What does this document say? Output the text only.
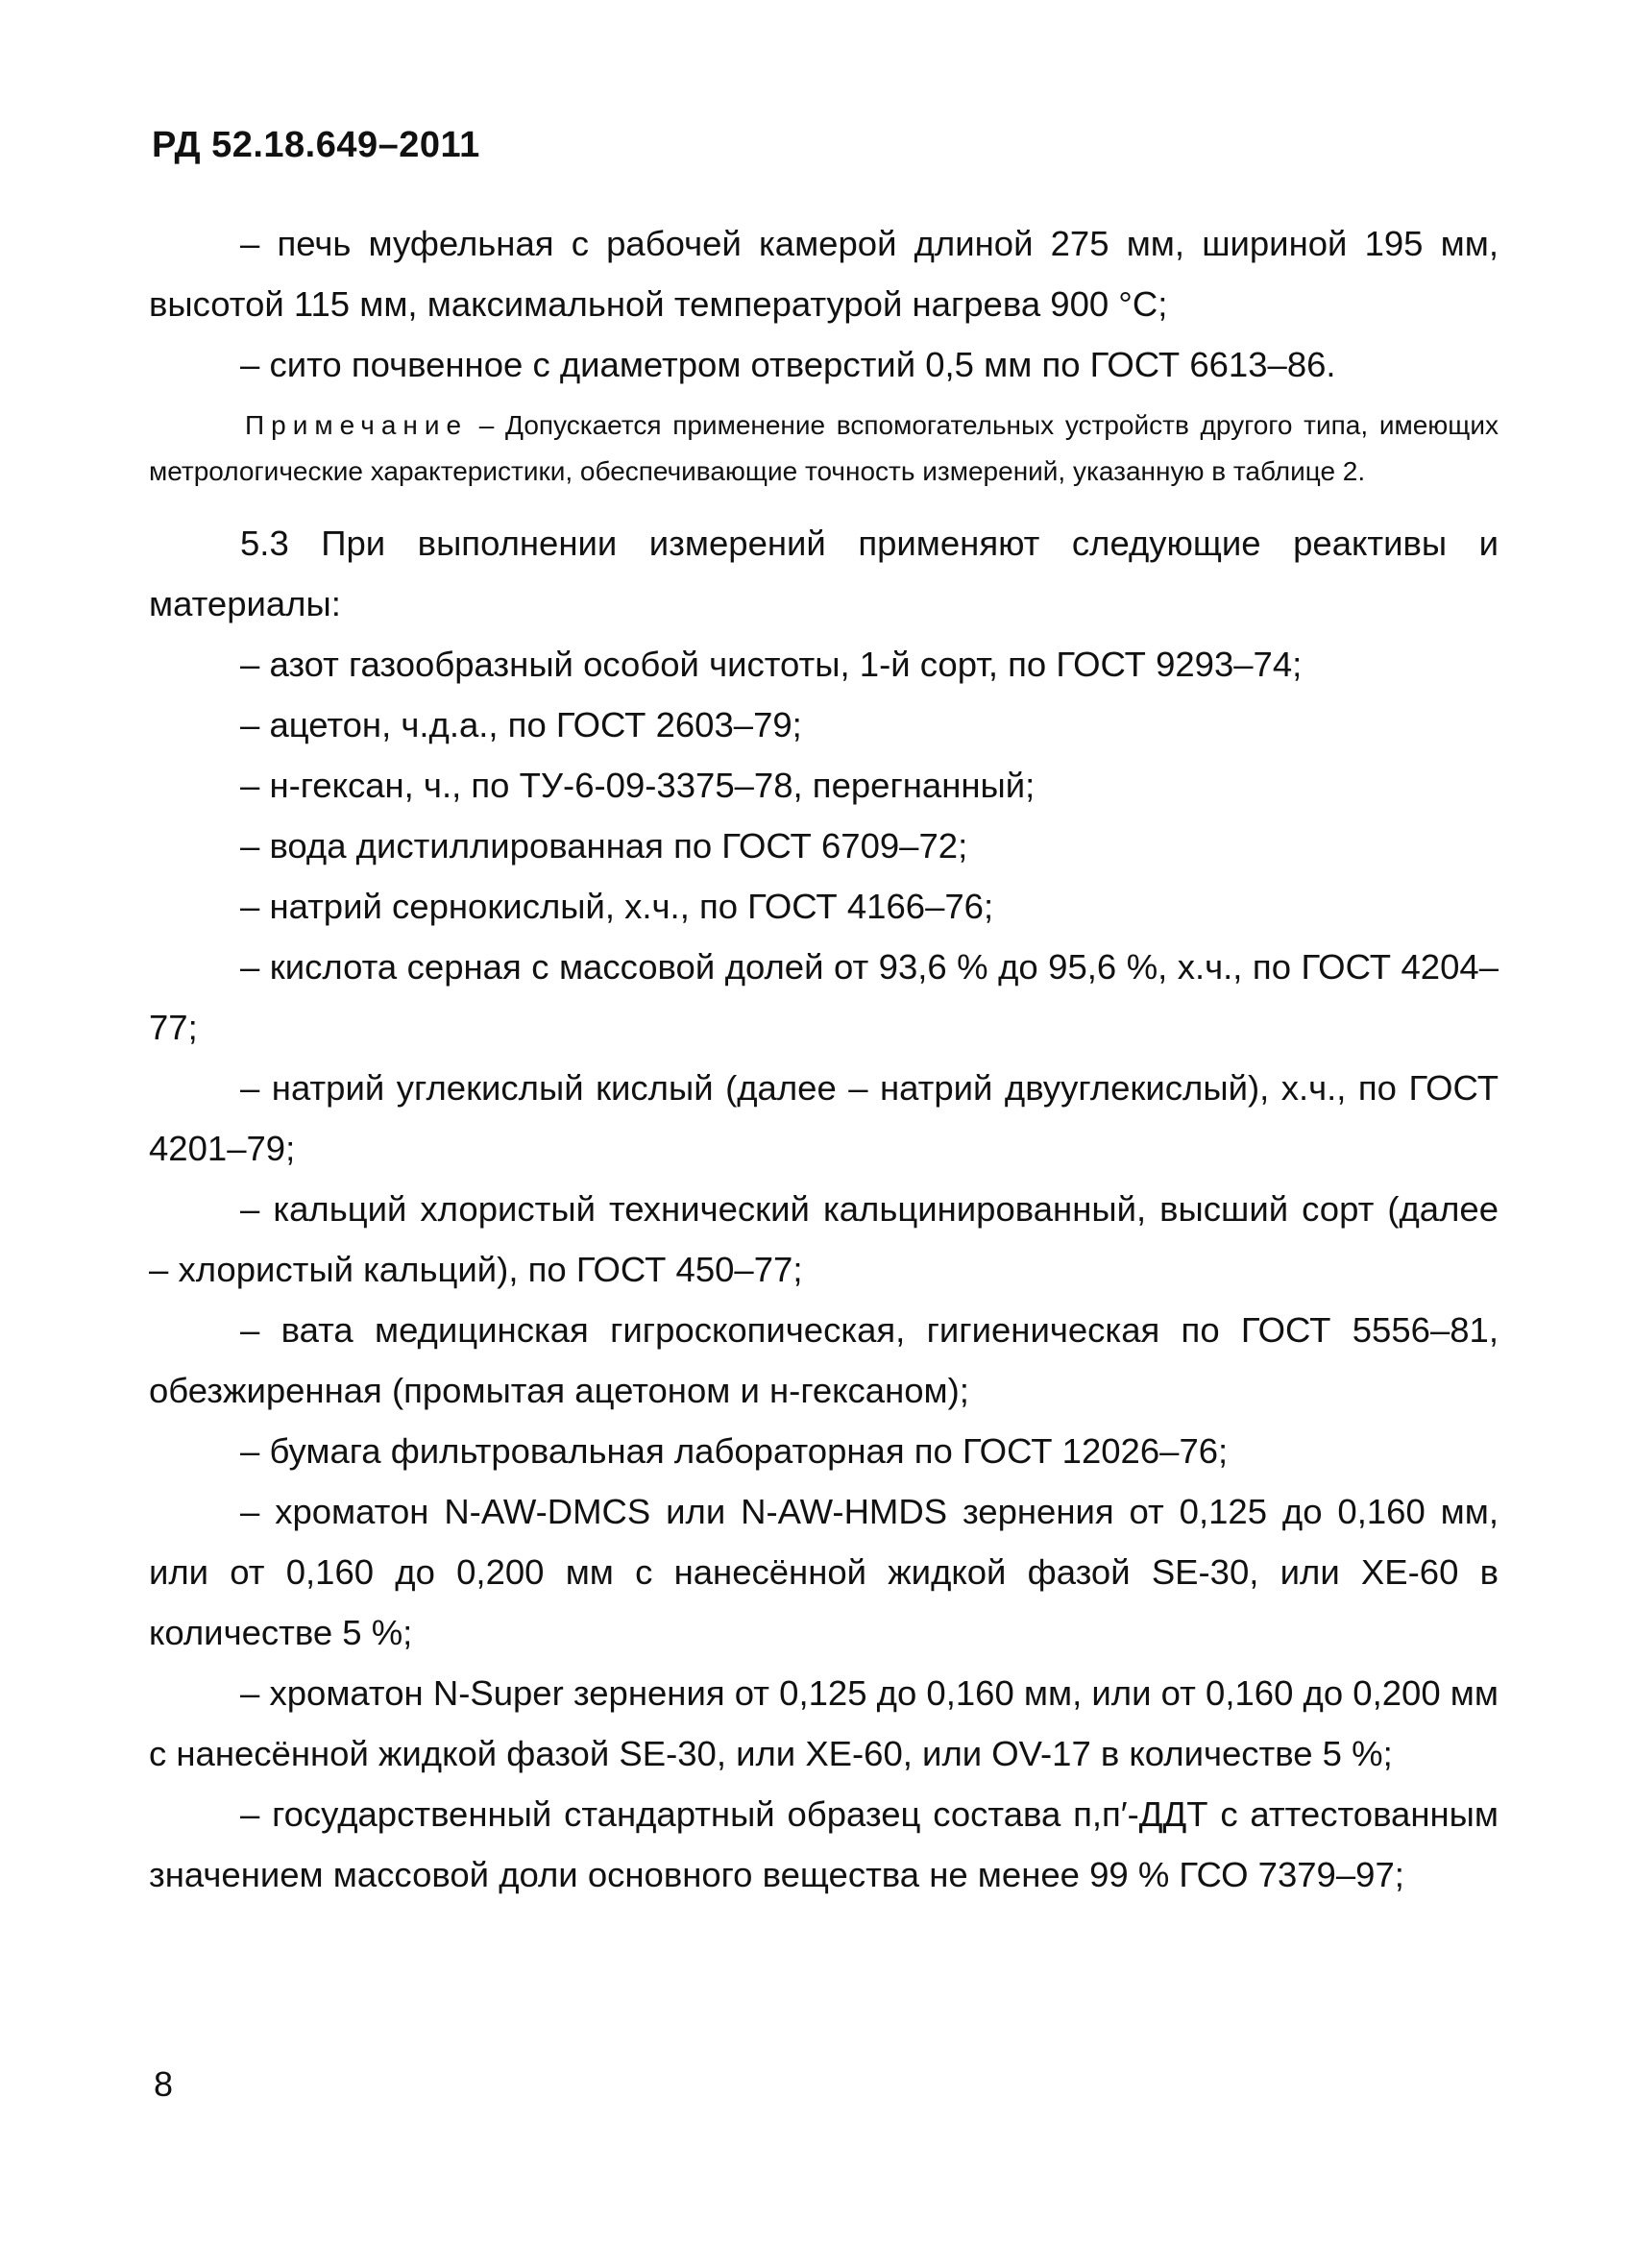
РД 52.18.649–2011

– печь муфельная с рабочей камерой длиной 275 мм, шириной 195 мм, высотой 115 мм, максимальной температурой нагрева 900 °C;

– сито почвенное с диаметром отверстий 0,5 мм по ГОСТ 6613–86.

Примечание – Допускается применение вспомогательных устройств другого типа, имеющих метрологические характеристики, обеспечивающие точность измерений, указанную в таблице 2.

5.3 При выполнении измерений применяют следующие реактивы и материалы:

– азот газообразный особой чистоты, 1-й сорт, по ГОСТ 9293–74;

– ацетон, ч.д.а., по ГОСТ 2603–79;

– н-гексан, ч., по ТУ-6-09-3375–78, перегнанный;

– вода дистиллированная по ГОСТ 6709–72;

– натрий сернокислый, х.ч., по ГОСТ 4166–76;

– кислота серная с массовой долей от 93,6 % до 95,6 %, х.ч., по ГОСТ 4204–77;

– натрий углекислый кислый (далее – натрий двууглекислый), х.ч., по ГОСТ 4201–79;

– кальций хлористый технический кальцинированный, высший сорт (далее – хлористый кальций), по ГОСТ 450–77;

– вата медицинская гигроскопическая, гигиеническая по ГОСТ 5556–81, обезжиренная (промытая ацетоном и н-гексаном);

– бумага фильтровальная лабораторная по ГОСТ 12026–76;

– хроматон N-AW-DMCS или N-AW-HMDS зернения от 0,125 до 0,160 мм, или от 0,160 до 0,200 мм с нанесённой жидкой фазой SE-30, или XE-60 в количестве 5 %;

– хроматон N-Super зернения от 0,125 до 0,160 мм, или от 0,160 до 0,200 мм с нанесённой жидкой фазой SE-30, или XE-60, или OV-17 в количестве 5 %;

– государственный стандартный образец состава п,п′-ДДТ с аттестованным значением массовой доли основного вещества не менее 99 % ГСО 7379–97;

8
